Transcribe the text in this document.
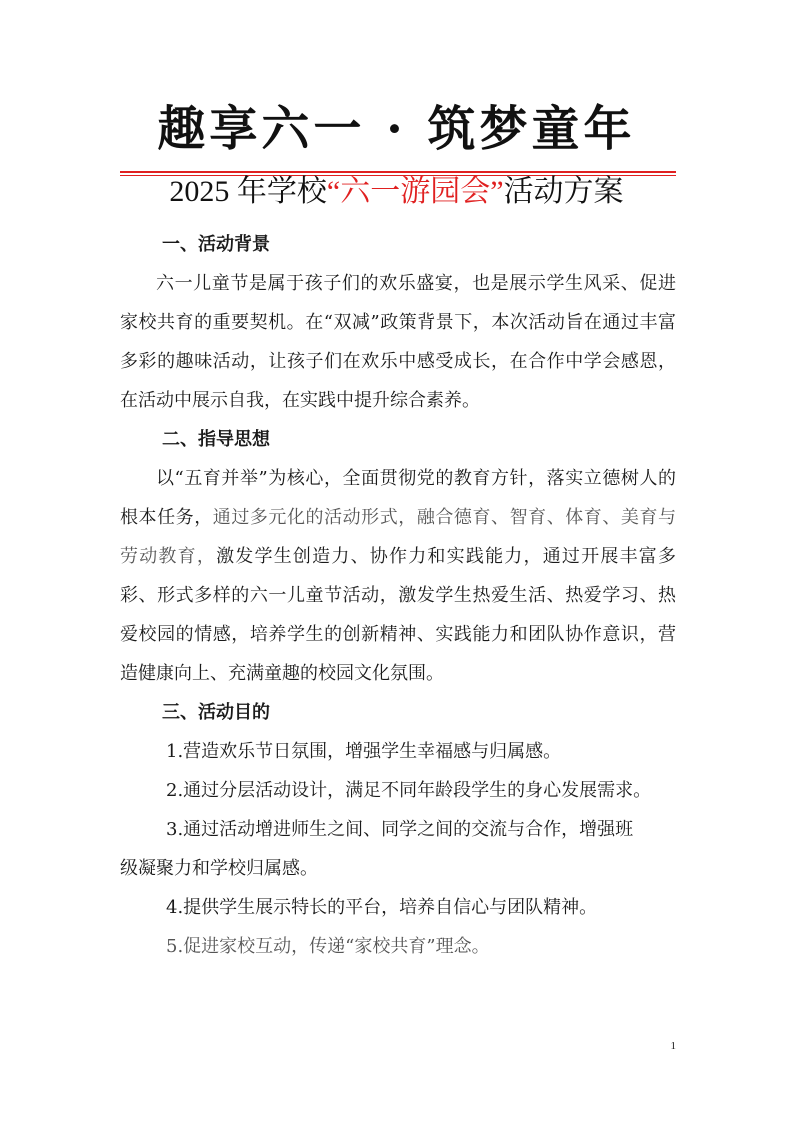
趣享六一 · 筑梦童年
2025 年学校“六一游园会”活动方案
一、活动背景

六一儿童节是属于孩子们的欢乐盛宴，也是展示学生风采、促进家校共育的重要契机。在“双减”政策背景下，本次活动旨在通过丰富多彩的趣味活动，让孩子们在欢乐中感受成长，在合作中学会感恩，在活动中展示自我，在实践中提升综合素养。

二、指导思想

以“五育并举”为核心，全面贯彻党的教育方针，落实立德树人的根本任务，通过多元化的活动形式，融合德育、智育、体育、美育与劳动教育，激发学生创造力、协作力和实践能力，通过开展丰富多彩、形式多样的六一儿童节活动，激发学生热爱生活、热爱学习、热爱校园的情感，培养学生的创新精神、实践能力和团队协作意识，营造健康向上、充满童趣的校园文化氛围。

三、活动目的

1.营造欢乐节日氛围，增强学生幸福感与归属感。

2.通过分层活动设计，满足不同年龄段学生的身心发展需求。

3.通过活动增进师生之间、同学之间的交流与合作，增强班

级凝聚力和学校归属感。

4.提供学生展示特长的平台，培养自信心与团队精神。

5.促进家校互动，传递“家校共育”理念。

1
